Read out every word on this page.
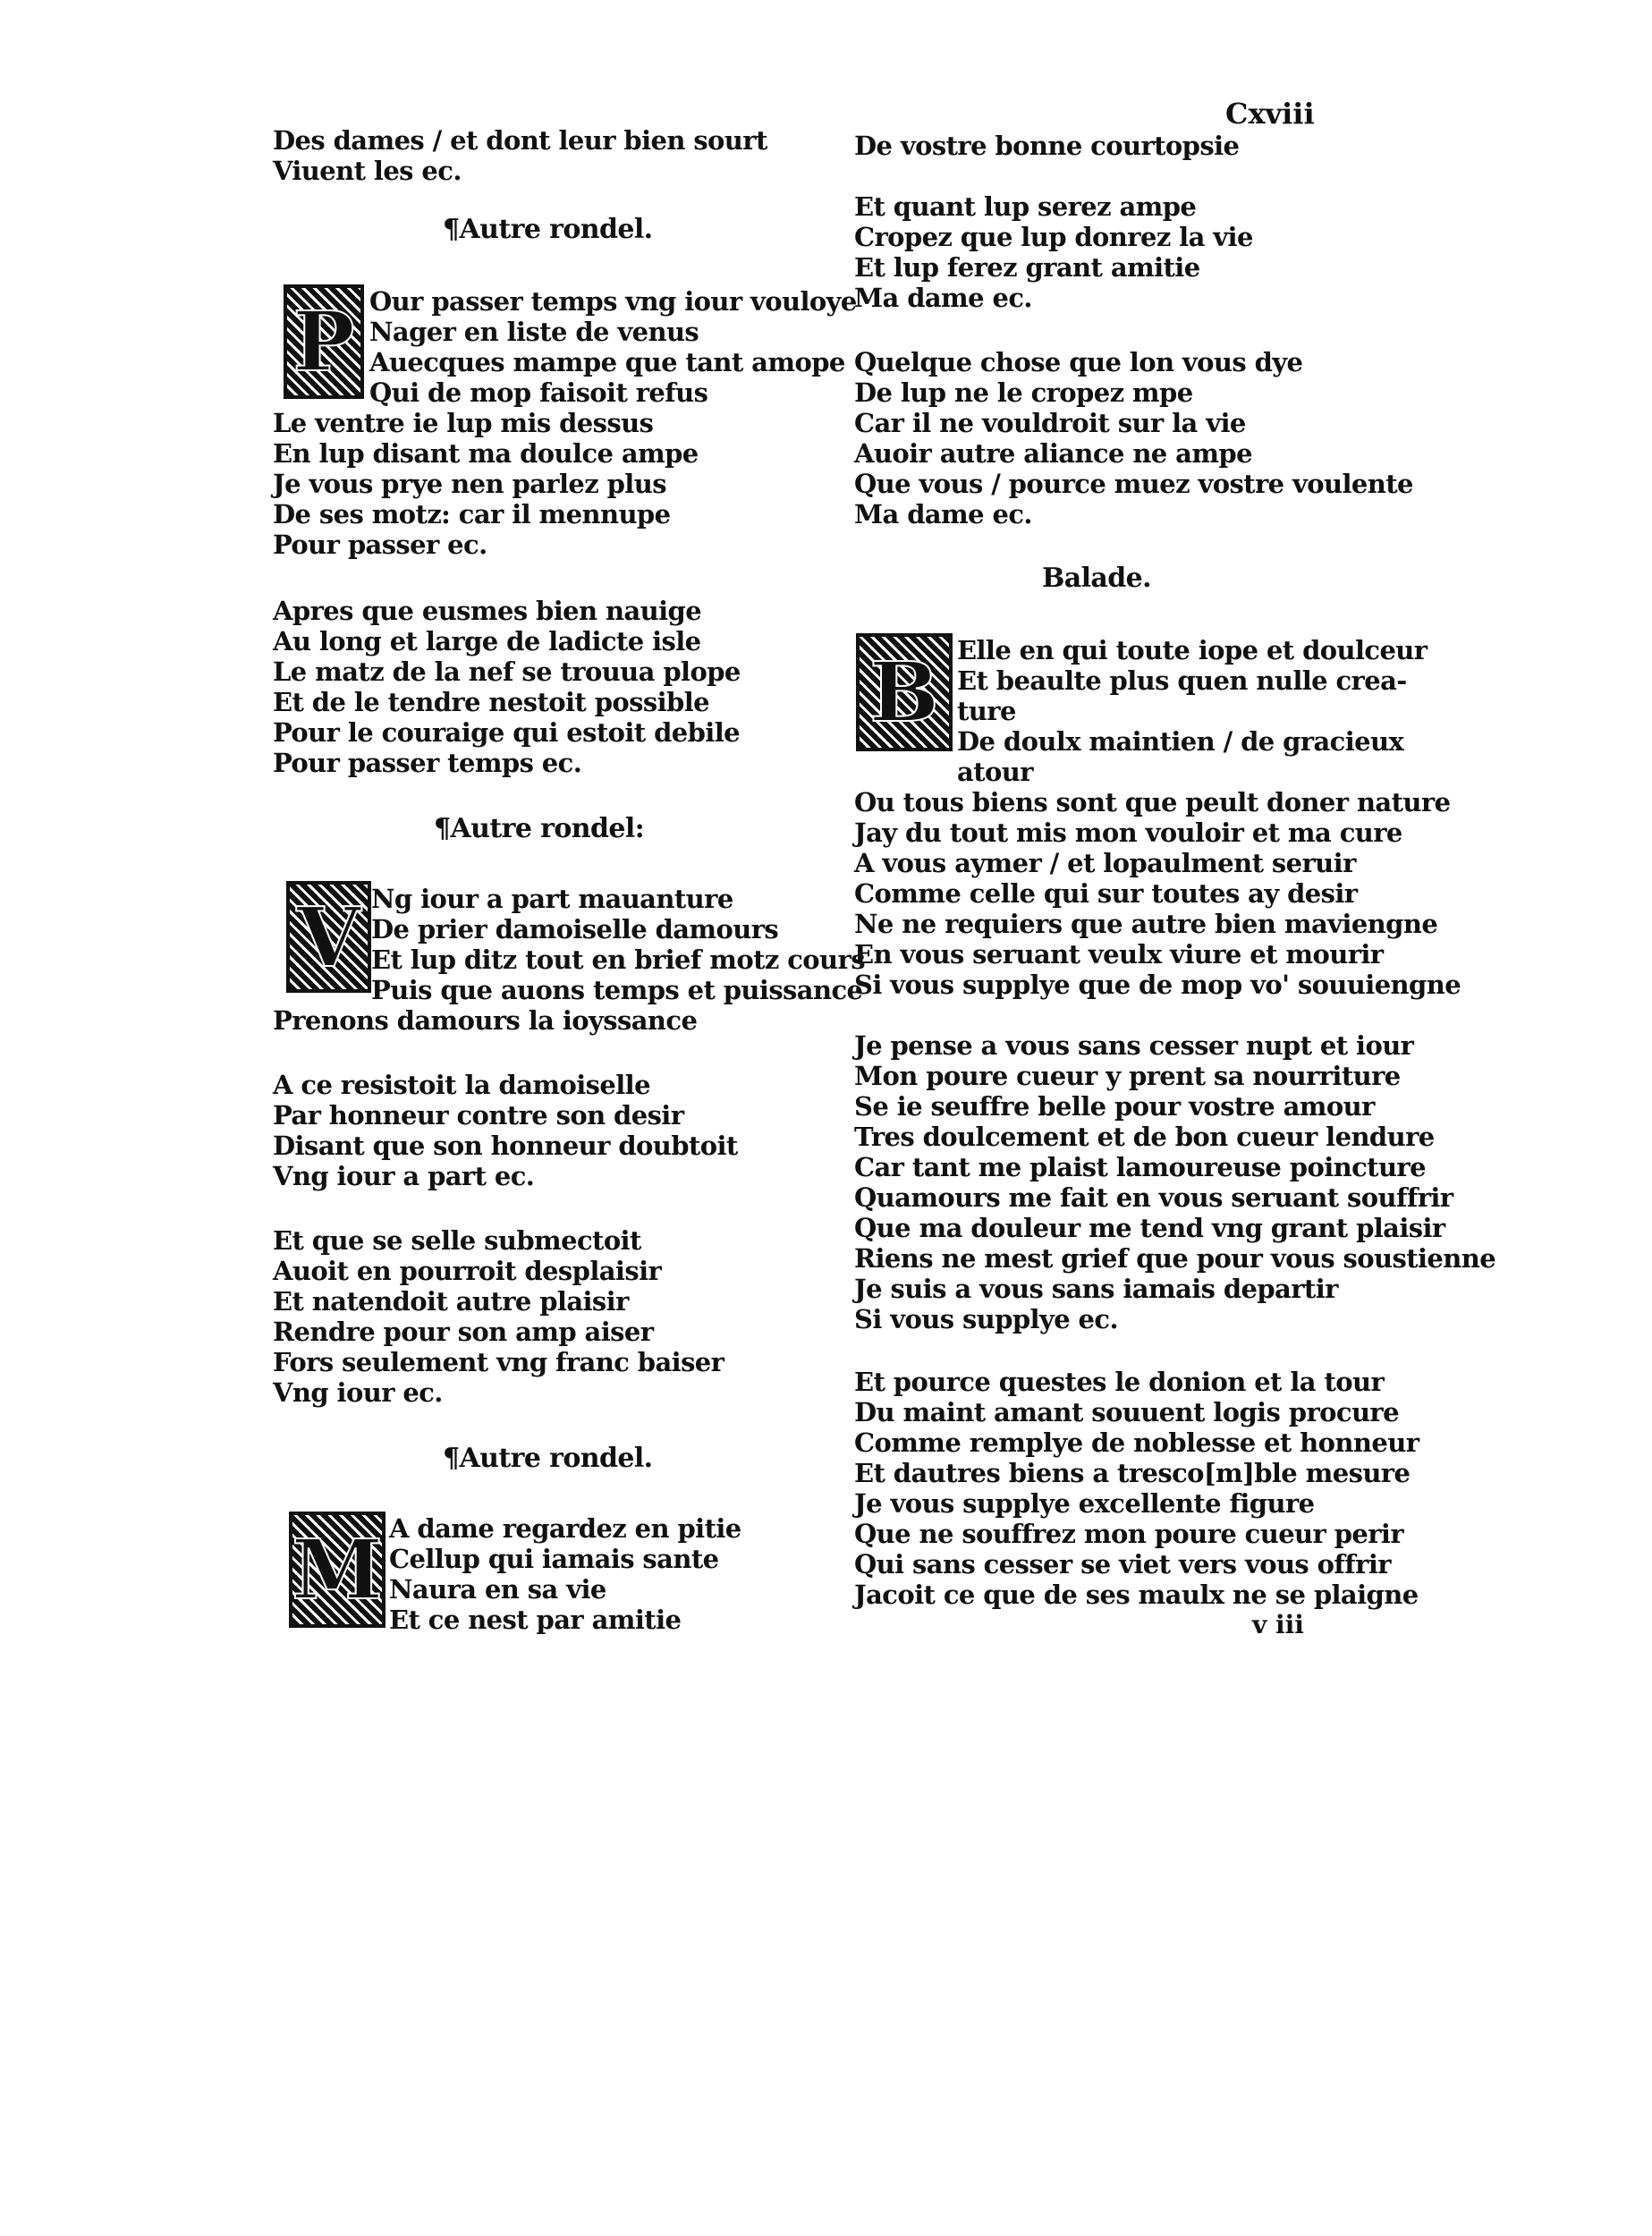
Des dames / et dont leur bien sourt
Viuent les ec.
¶Autre rondel.
P Our passer temps vng iour vouloye
Nager en liste de venus
Auecques mampe que tant amope
Qui de mop faisoit refus
Le ventre ie lup mis dessus
En lup disant ma doulce ampe
Je vous prye nen parlez plus
De ses motz: car il mennupe
Pour passer ec.
Apres que eusmes bien nauige
Au long et large de ladicte isle
Le matz de la nef se trouua plope
Et de le tendre nestoit possible
Pour le couraige qui estoit debile
Pour passer temps ec.
¶Autre rondel:
V Ng iour a part mauanture
De prier damoiselle damours
Et lup ditz tout en brief motz cours
Puis que auons temps et puissance
Prenons damours la ioyssance
A ce resistoit la damoiselle
Par honneur contre son desir
Disant que son honneur doubtoit
Vng iour a part ec.
Et que se selle submectoit
Auoit en pourroit desplaisir
Et natendoit autre plaisir
Rendre pour son amp aiser
Fors seulement vng franc baiser
Vng iour ec.
¶Autre rondel.
M A dame regardez en pitie
Cellup qui iamais sante
Naura en sa vie
Et ce nest par amitie
Cxviii
De vostre bonne courtopsie
Et quant lup serez ampe
Cropez que lup donrez la vie
Et lup ferez grant amitie
Ma dame ec.
Quelque chose que lon vous dye
De lup ne le cropez mpe
Car il ne vouldroit sur la vie
Auoir autre aliance ne ampe
Que vous / pource muez vostre voulente
Ma dame ec.
Balade.
B Elle en qui toute iope et doulceur
Et beaulte plus quen nulle crea-
ture
De doulx maintien / de gracieux
atour
Ou tous biens sont que peult doner nature
Jay du tout mis mon vouloir et ma cure
A vous aymer / et lopaulment seruir
Comme celle qui sur toutes ay desir
Ne ne requiers que autre bien maviengne
En vous seruant veulx viure et mourir
Si vous supplye que de mop vo' souuiengne
Je pense a vous sans cesser nupt et iour
Mon poure cueur y prent sa nourriture
Se ie seuffre belle pour vostre amour
Tres doulcement et de bon cueur lendure
Car tant me plaist lamoureuse poincture
Quamours me fait en vous seruant souffrir
Que ma douleur me tend vng grant plaisir
Riens ne mest grief que pour vous soustienne
Je suis a vous sans iamais departir
Si vous supplye ec.
Et pource questes le donion et la tour
Du maint amant souuent logis procure
Comme remplye de noblesse et honneur
Et dautres biens a tresco[m]ble mesure
Je vous supplye excellente figure
Que ne souffrez mon poure cueur perir
Qui sans cesser se viet vers vous offrir
Jacoit ce que de ses maulx ne se plaigne
v iii
